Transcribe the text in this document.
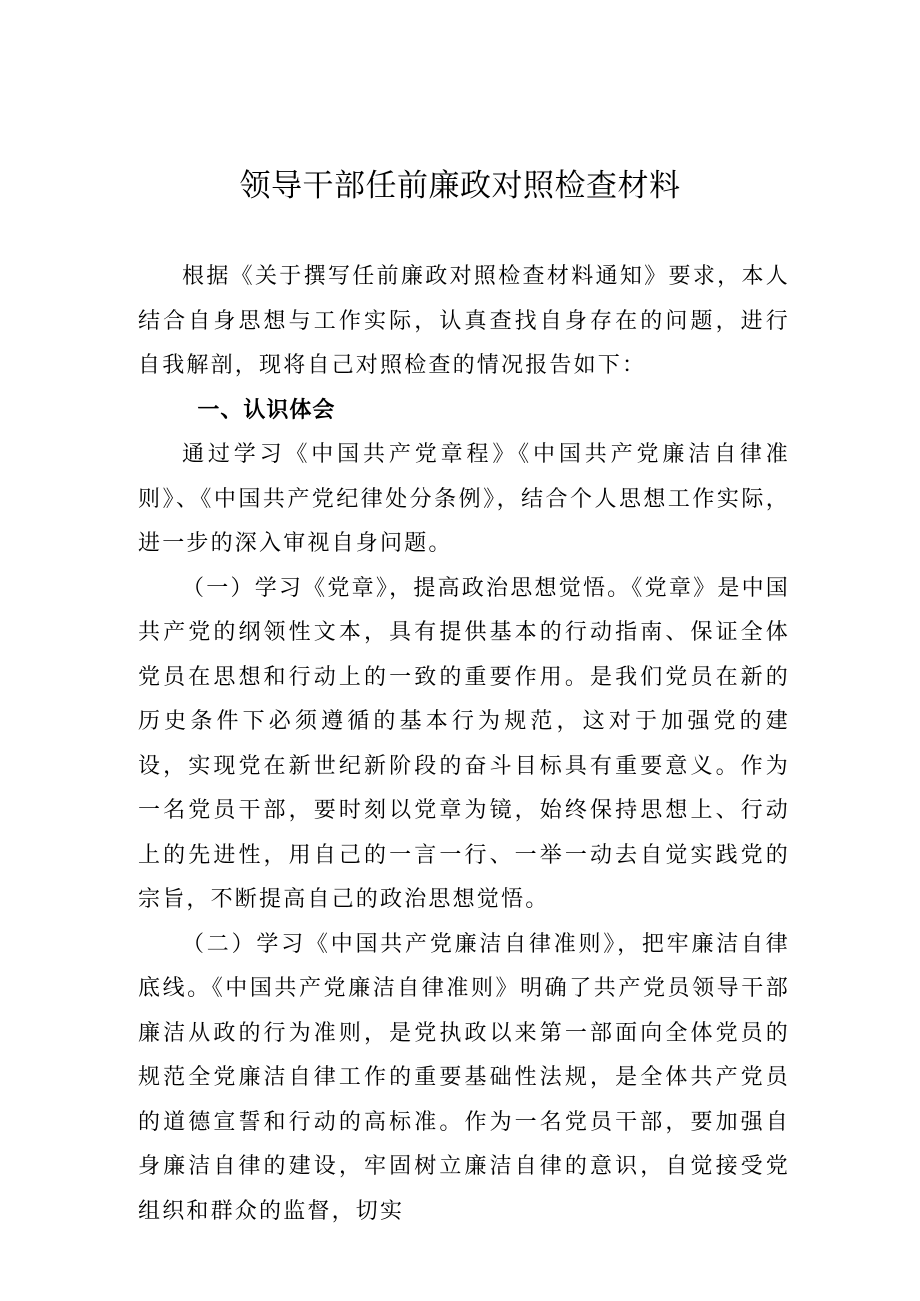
领导干部任前廉政对照检查材料

根据《关于撰写任前廉政对照检查材料通知》要求，本人结合自身思想与工作实际，认真查找自身存在的问题，进行自我解剖，现将自己对照检查的情况报告如下：

一、认识体会

通过学习《中国共产党章程》《中国共产党廉洁自律准则》、《中国共产党纪律处分条例》，结合个人思想工作实际，进一步的深入审视自身问题。

（一）学习《党章》，提高政治思想觉悟。《党章》是中国共产党的纲领性文本，具有提供基本的行动指南、保证全体党员在思想和行动上的一致的重要作用。是我们党员在新的历史条件下必须遵循的基本行为规范，这对于加强党的建设，实现党在新世纪新阶段的奋斗目标具有重要意义。作为一名党员干部，要时刻以党章为镜，始终保持思想上、行动上的先进性，用自己的一言一行、一举一动去自觉实践党的宗旨，不断提高自己的政治思想觉悟。

（二）学习《中国共产党廉洁自律准则》，把牢廉洁自律底线。《中国共产党廉洁自律准则》明确了共产党员领导干部廉洁从政的行为准则，是党执政以来第一部面向全体党员的规范全党廉洁自律工作的重要基础性法规，是全体共产党员的道德宣誓和行动的高标准。作为一名党员干部，要加强自身廉洁自律的建设，牢固树立廉洁自律的意识，自觉接受党组织和群众的监督，切实
